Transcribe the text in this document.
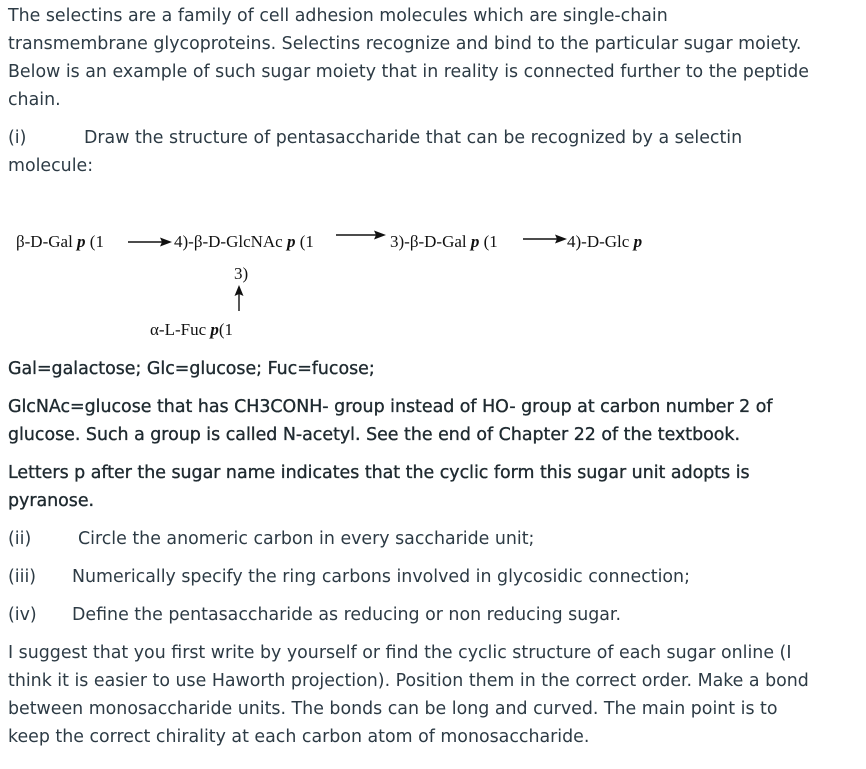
The selectins are a family of cell adhesion molecules which are single-chain
transmembrane glycoproteins. Selectins recognize and bind to the particular sugar moiety.
Below is an example of such sugar moiety that in reality is connected further to the peptide
chain.
(i)	Draw the structure of pentasaccharide that can be recognized by a selectin
molecule:
β-D-Gal p (1	4)-β-D-GlcNAc p (1	3)-β-D-Gal p (1	4)-D-Glc p
3)
α-L-Fuc p(1
Gal=galactose; Glc=glucose; Fuc=fucose;
GlcNAc=glucose that has CH3CONH- group instead of HO- group at carbon number 2 of
glucose. Such a group is called N-acetyl. See the end of Chapter 22 of the textbook.
Letters p after the sugar name indicates that the cyclic form this sugar unit adopts is
pyranose.
(ii)	Circle the anomeric carbon in every saccharide unit;
(iii) Numerically specify the ring carbons involved in glycosidic connection;
(iv) Define the pentasaccharide as reducing or non reducing sugar.
I suggest that you first write by yourself or find the cyclic structure of each sugar online (I
think it is easier to use Haworth projection). Position them in the correct order. Make a bond
between monosaccharide units. The bonds can be long and curved. The main point is to
keep the correct chirality at each carbon atom of monosaccharide.
